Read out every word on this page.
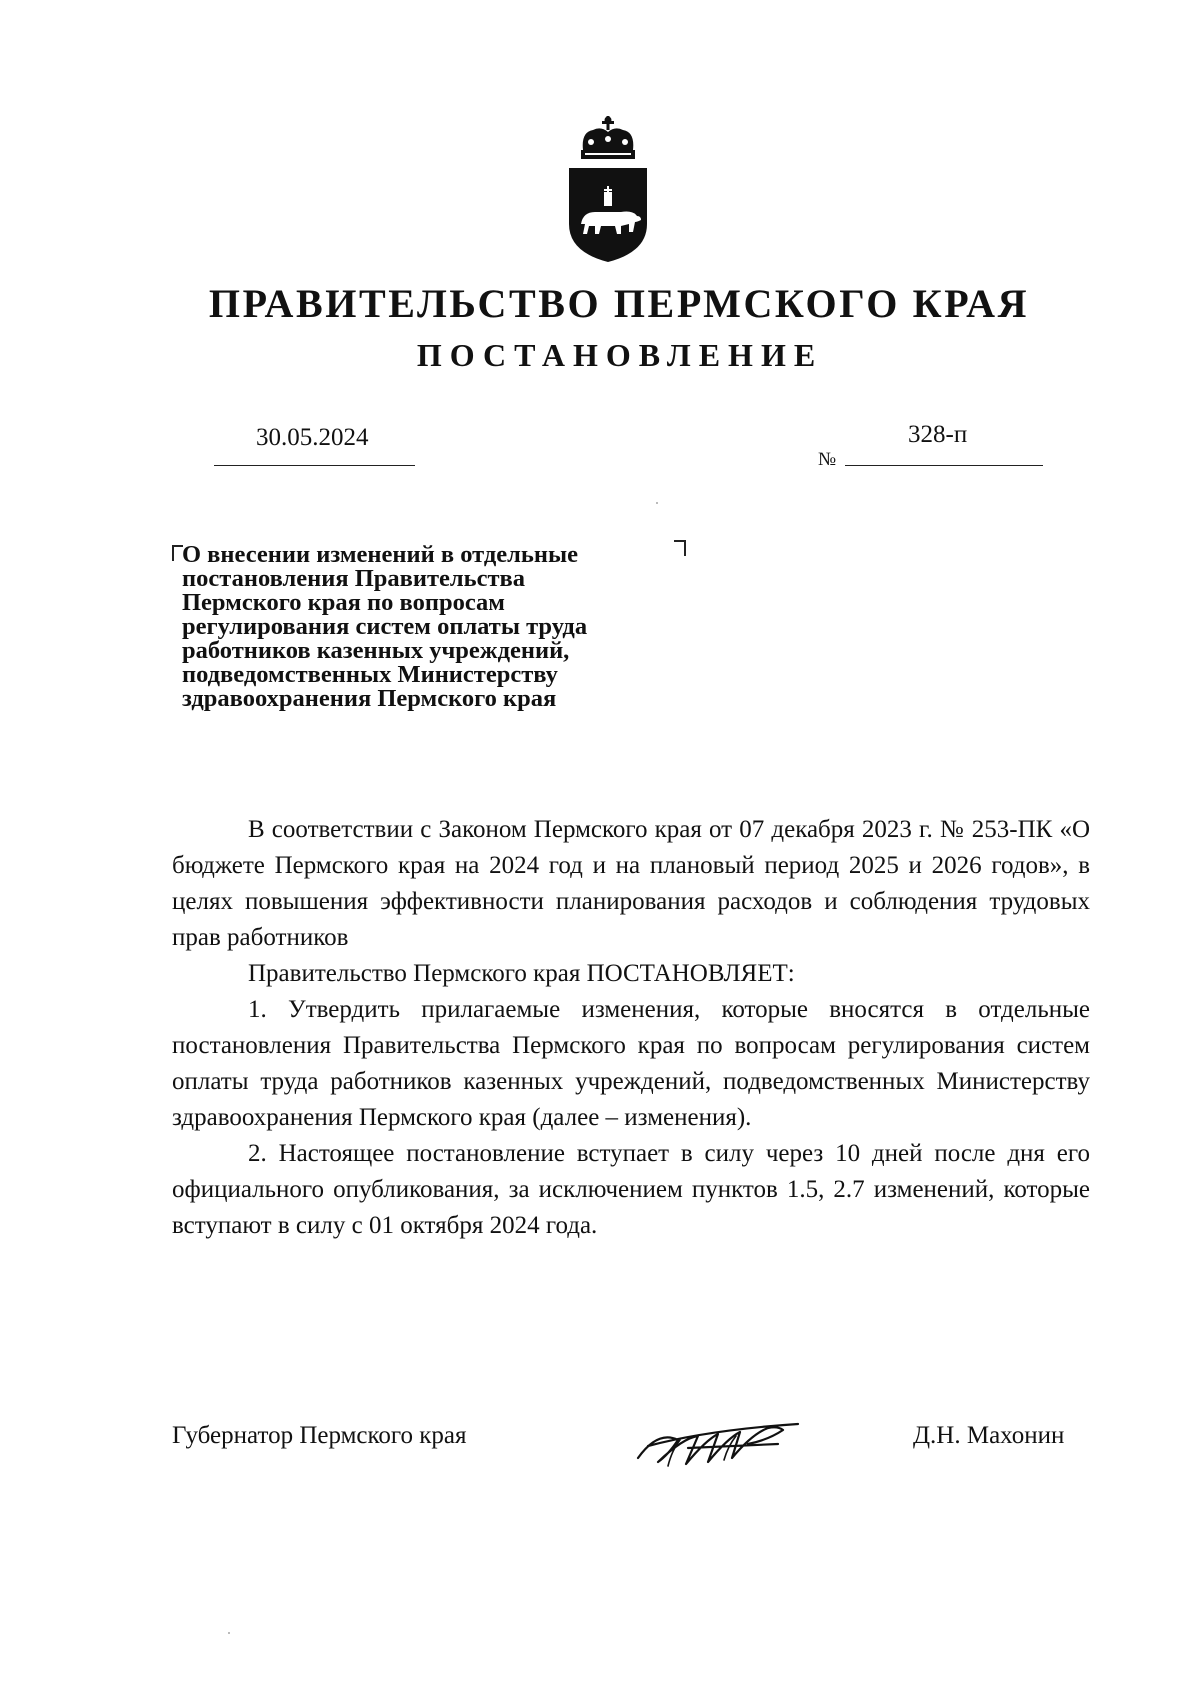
ПРАВИТЕЛЬСТВО ПЕРМСКОГО КРАЯ
ПОСТАНОВЛЕНИЕ
30.05.2024	328-п
№
О внесении изменений в отдельные
постановления Правительства
Пермского края по вопросам
регулирования систем оплаты труда
работников казенных учреждений,
подведомственных Министерству
здравоохранения Пермского края

В соответствии с Законом Пермского края от 07 декабря 2023 г. № 253-ПК «О бюджете Пермского края на 2024 год и на плановый период 2025 и 2026 годов», в целях повышения эффективности планирования расходов и соблюдения трудовых прав работников

Правительство Пермского края ПОСТАНОВЛЯЕТ:

1. Утвердить прилагаемые изменения, которые вносятся в отдельные постановления Правительства Пермского края по вопросам регулирования систем оплаты труда работников казенных учреждений, подведомственных Министерству здравоохранения Пермского края (далее – изменения).

2. Настоящее постановление вступает в силу через 10 дней после дня его официального опубликования, за исключением пунктов 1.5, 2.7 изменений, которые вступают в силу с 01 октября 2024 года.

Губернатор Пермского края	Д.Н. Махонин
